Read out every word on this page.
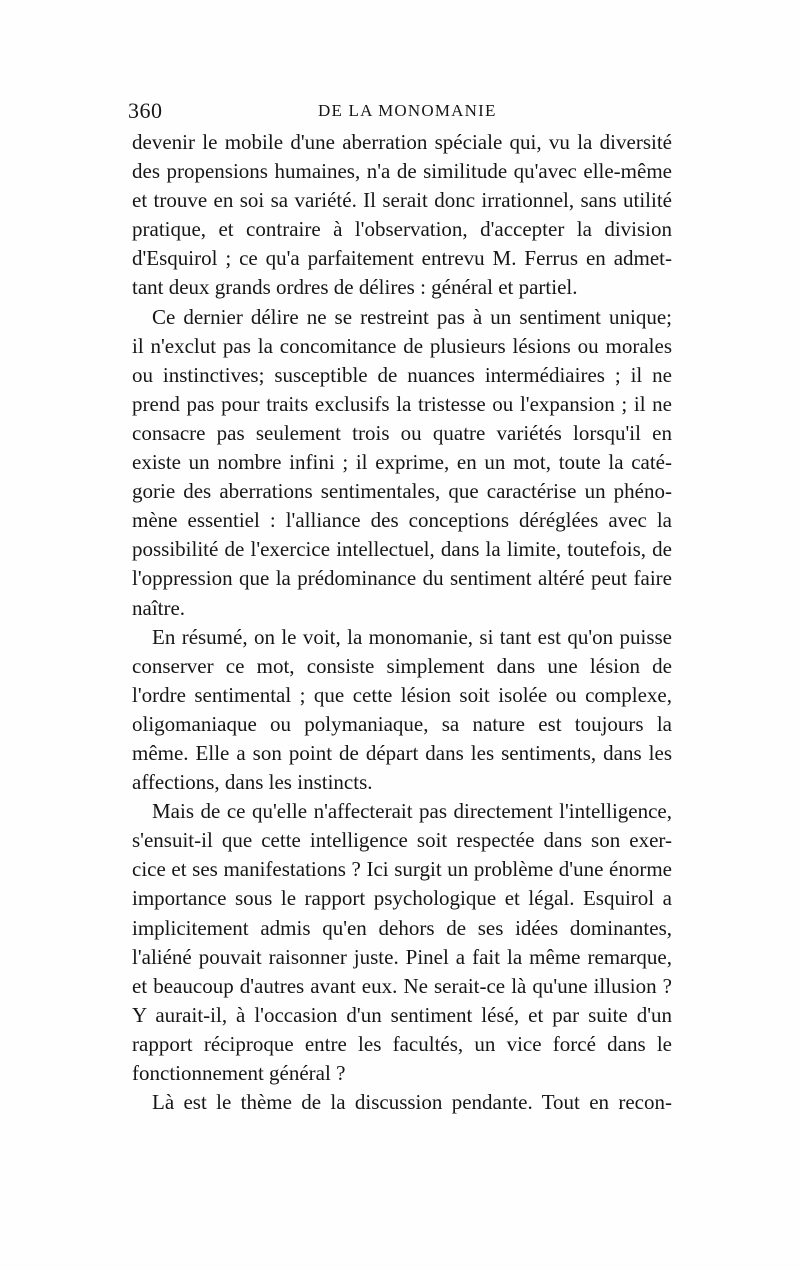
360	DE LA MONOMANIE
devenir le mobile d'une aberration spéciale qui, vu la diversité
des propensions humaines, n'a de similitude qu'avec elle-même
et trouve en soi sa variété. Il serait donc irrationnel, sans utilité
pratique, et contraire à l'observation, d'accepter la division
d'Esquirol ; ce qu'a parfaitement entrevu M. Ferrus en admet-
tant deux grands ordres de délires : général et partiel.
Ce dernier délire ne se restreint pas à un sentiment unique;
il n'exclut pas la concomitance de plusieurs lésions ou morales
ou instinctives; susceptible de nuances intermédiaires ; il ne
prend pas pour traits exclusifs la tristesse ou l'expansion ; il ne
consacre pas seulement trois ou quatre variétés lorsqu'il en
existe un nombre infini ; il exprime, en un mot, toute la caté-
gorie des aberrations sentimentales, que caractérise un phéno-
mène essentiel : l'alliance des conceptions déréglées avec la
possibilité de l'exercice intellectuel, dans la limite, toutefois, de
l'oppression que la prédominance du sentiment altéré peut faire
naître.
En résumé, on le voit, la monomanie, si tant est qu'on puisse
conserver ce mot, consiste simplement dans une lésion de
l'ordre sentimental ; que cette lésion soit isolée ou complexe,
oligomaniaque ou polymaniaque, sa nature est toujours la
même. Elle a son point de départ dans les sentiments, dans les
affections, dans les instincts.
Mais de ce qu'elle n'affecterait pas directement l'intelligence,
s'ensuit-il que cette intelligence soit respectée dans son exer-
cice et ses manifestations ? Ici surgit un problème d'une énorme
importance sous le rapport psychologique et légal. Esquirol a
implicitement admis qu'en dehors de ses idées dominantes,
l'aliéné pouvait raisonner juste. Pinel a fait la même remarque,
et beaucoup d'autres avant eux. Ne serait-ce là qu'une illusion ?
Y aurait-il, à l'occasion d'un sentiment lésé, et par suite d'un
rapport réciproque entre les facultés, un vice forcé dans le
fonctionnement général ?
Là est le thème de la discussion pendante. Tout en recon-
